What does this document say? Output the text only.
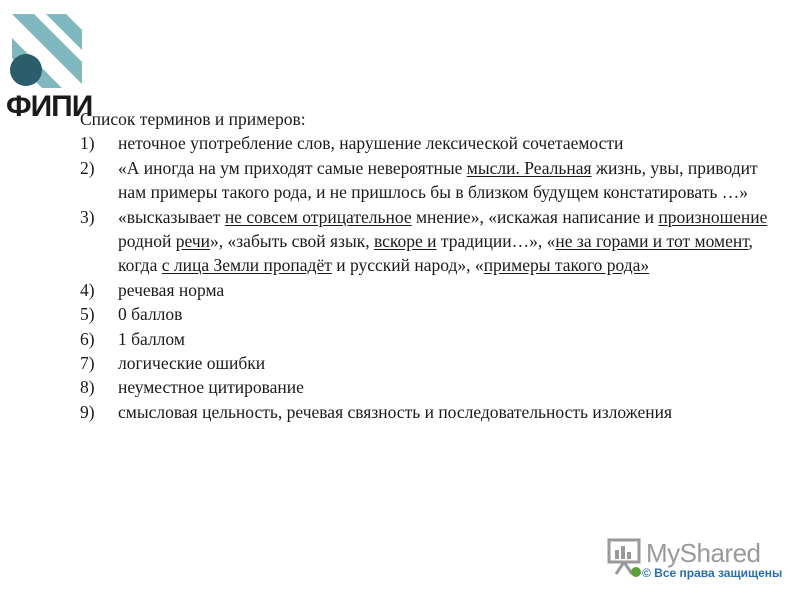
ФИПИ

Список терминов и примеров:

1) неточное употребление слов, нарушение лексической сочетаемости
2) «А иногда на ум приходят самые невероятные мысли. Реальная жизнь, увы, приводит нам примеры такого рода, и не пришлось бы в близком будущем констатировать …»
3) «высказывает не совсем отрицательное мнение», «искажая написание и произношение родной речи», «забыть свой язык, вскоре и традиции…», «не за горами и тот момент, когда с лица Земли пропадёт и русский народ», «примеры такого рода»
4) речевая норма
5) 0 баллов
6) 1 баллом
7) логические ошибки
8) неуместное цитирование
9) смысловая цельность, речевая связность и последовательность изложения
MyShared
© Все права защищены
